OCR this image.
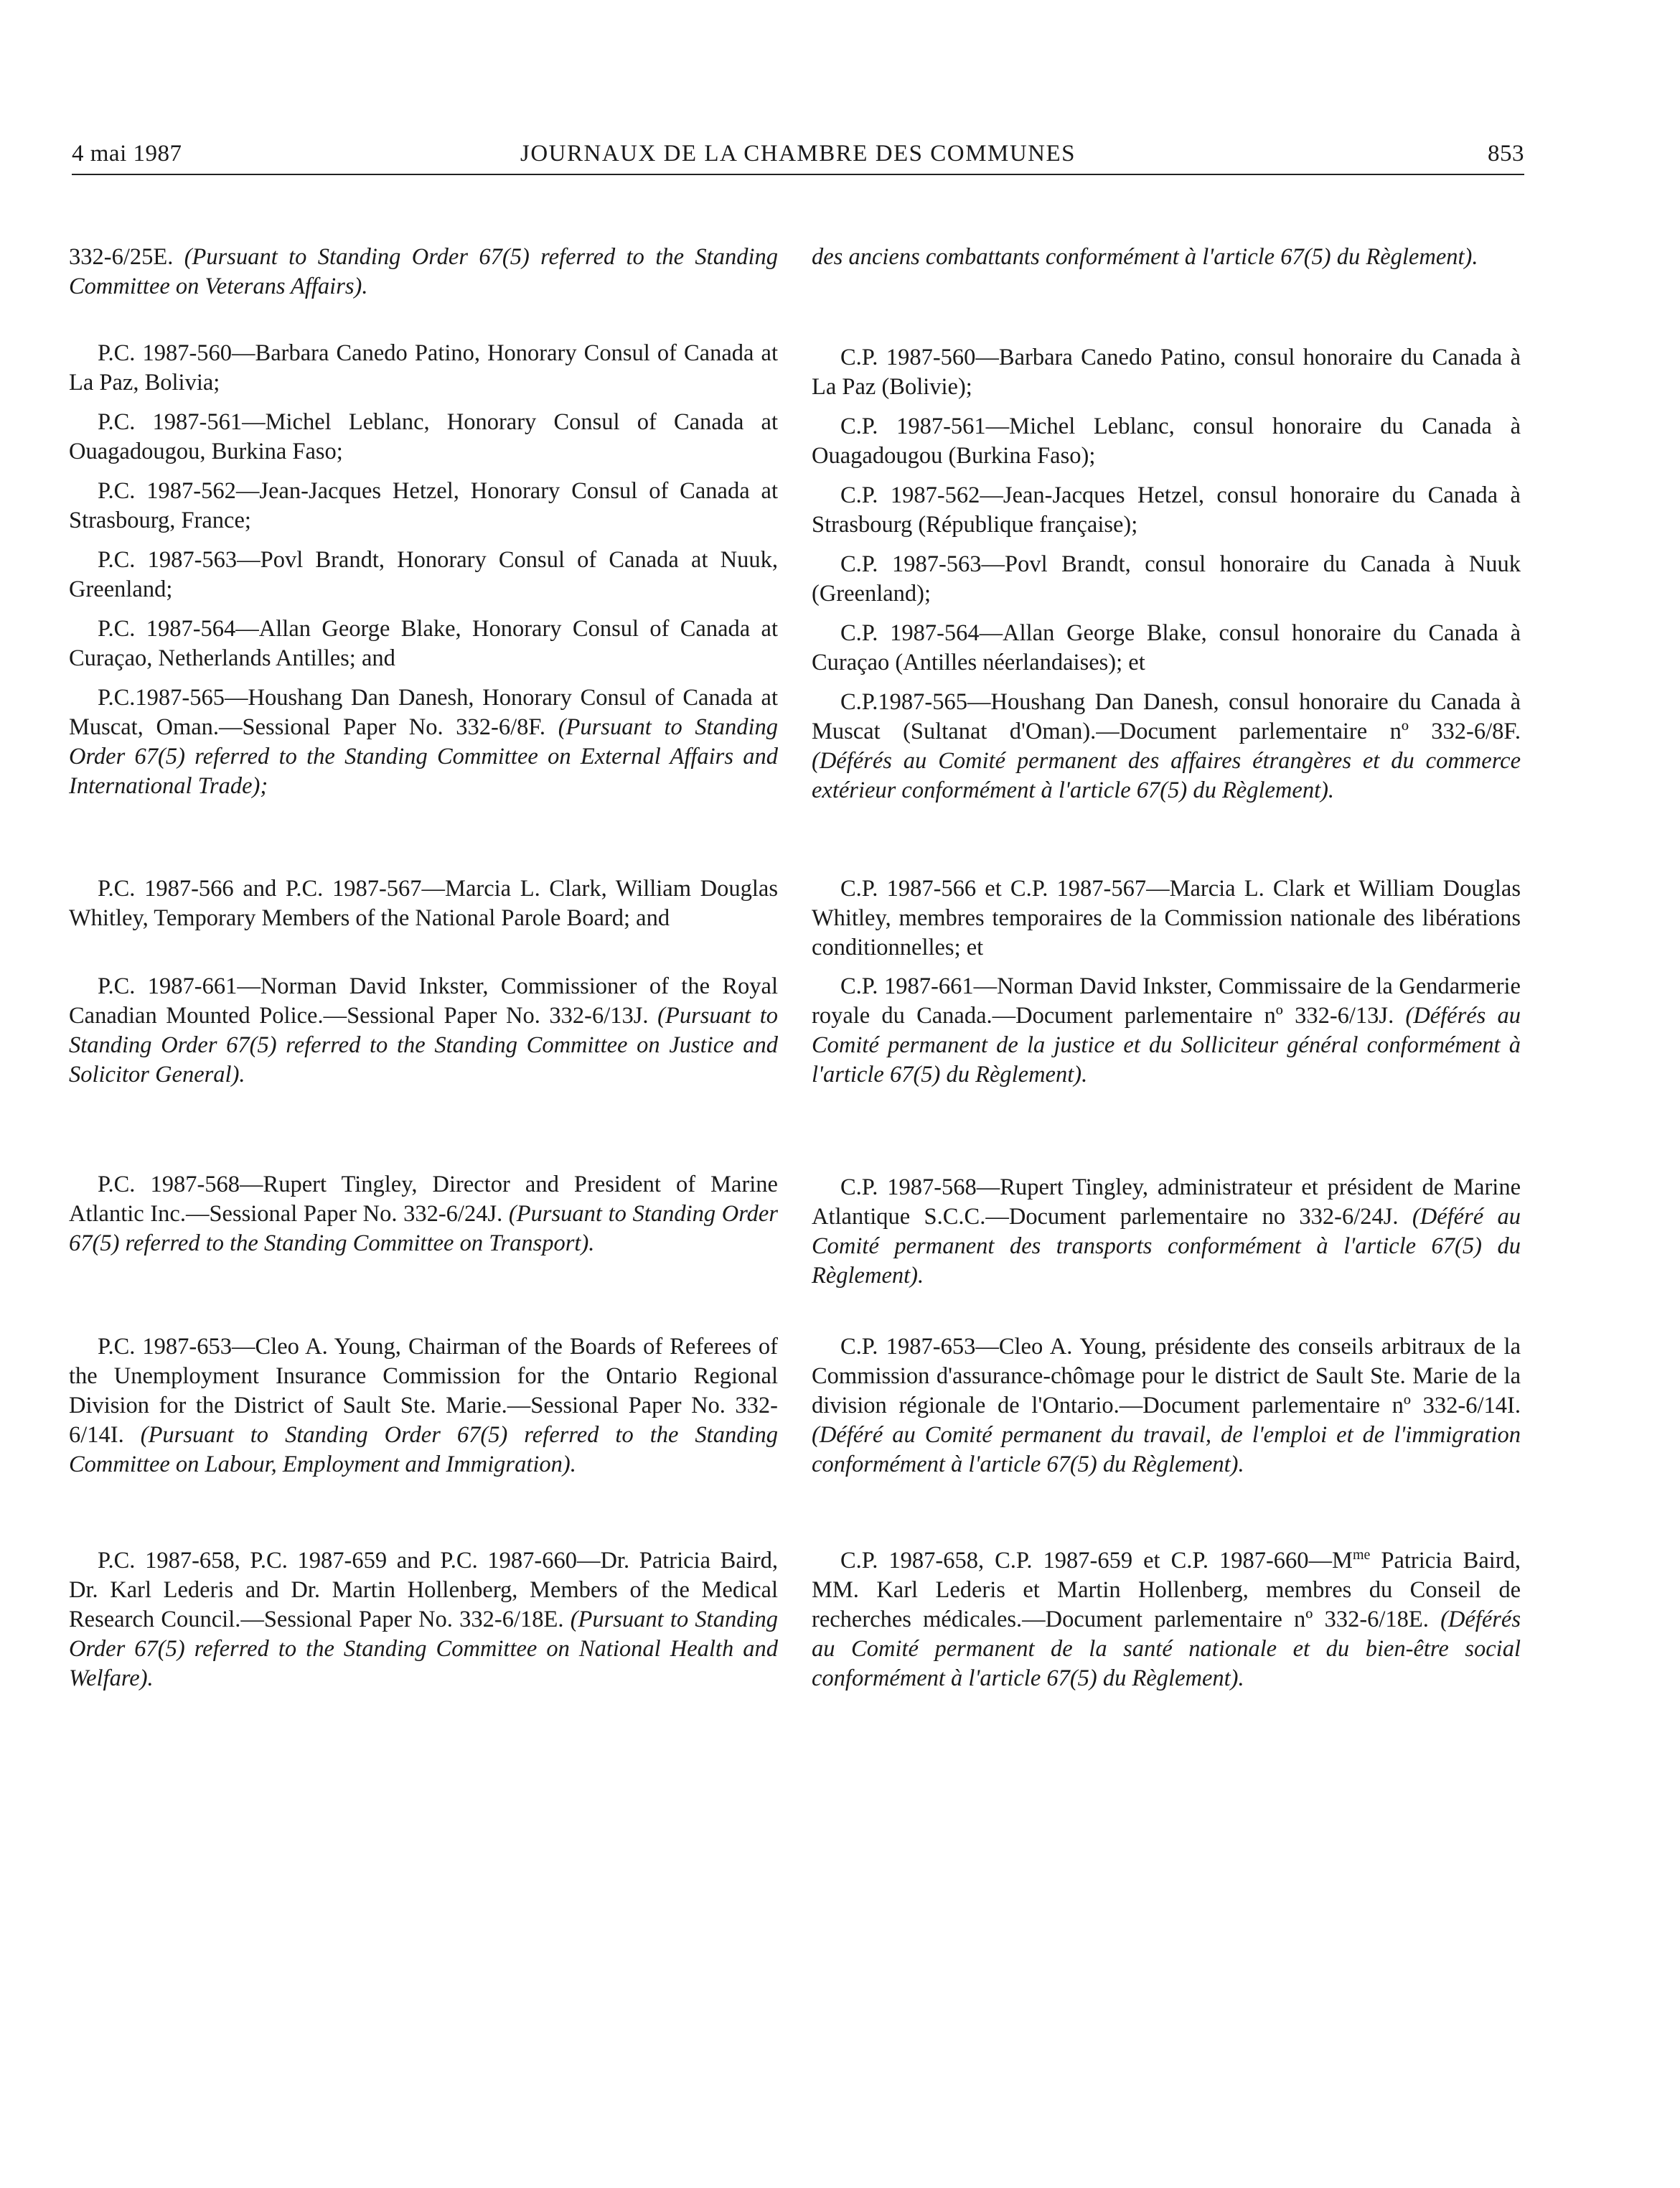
4 mai 1987	JOURNAUX DE LA CHAMBRE DES COMMUNES	853

332-6/25E. (Pursuant to Standing Order 67(5) referred to the Standing Committee on Veterans Affairs).

P.C. 1987-560—Barbara Canedo Patino, Honorary Consul of Canada at La Paz, Bolivia;

P.C. 1987-561—Michel Leblanc, Honorary Consul of Canada at Ouagadougou, Burkina Faso;

P.C. 1987-562—Jean-Jacques Hetzel, Honorary Consul of Canada at Strasbourg, France;

P.C. 1987-563—Povl Brandt, Honorary Consul of Canada at Nuuk, Greenland;

P.C. 1987-564—Allan George Blake, Honorary Consul of Canada at Curaçao, Netherlands Antilles; and

P.C.1987-565—Houshang Dan Danesh, Honorary Consul of Canada at Muscat, Oman.—Sessional Paper No. 332-6/8F. (Pursuant to Standing Order 67(5) referred to the Standing Committee on External Affairs and International Trade);

P.C. 1987-566 and P.C. 1987-567—Marcia L. Clark, William Douglas Whitley, Temporary Members of the National Parole Board; and

P.C. 1987-661—Norman David Inkster, Commissioner of the Royal Canadian Mounted Police.—Sessional Paper No. 332-6/13J. (Pursuant to Standing Order 67(5) referred to the Standing Committee on Justice and Solicitor General).

P.C. 1987-568—Rupert Tingley, Director and President of Marine Atlantic Inc.—Sessional Paper No. 332-6/24J. (Pursuant to Standing Order 67(5) referred to the Standing Committee on Transport).

P.C. 1987-653—Cleo A. Young, Chairman of the Boards of Referees of the Unemployment Insurance Commission for the Ontario Regional Division for the District of Sault Ste. Marie.—Sessional Paper No. 332-6/14I. (Pursuant to Standing Order 67(5) referred to the Standing Committee on Labour, Employment and Immigration).

P.C. 1987-658, P.C. 1987-659 and P.C. 1987-660—Dr. Patricia Baird, Dr. Karl Lederis and Dr. Martin Hollenberg, Members of the Medical Research Council.—Sessional Paper No. 332-6/18E. (Pursuant to Standing Order 67(5) referred to the Standing Committee on National Health and Welfare).

des anciens combattants conformément à l'article 67(5) du Règlement).

C.P. 1987-560—Barbara Canedo Patino, consul honoraire du Canada à La Paz (Bolivie);

C.P. 1987-561—Michel Leblanc, consul honoraire du Canada à Ouagadougou (Burkina Faso);

C.P. 1987-562—Jean-Jacques Hetzel, consul honoraire du Canada à Strasbourg (République française);

C.P. 1987-563—Povl Brandt, consul honoraire du Canada à Nuuk (Greenland);

C.P. 1987-564—Allan George Blake, consul honoraire du Canada à Curaçao (Antilles néerlandaises); et

C.P.1987-565—Houshang Dan Danesh, consul honoraire du Canada à Muscat (Sultanat d'Oman).—Document parlementaire nº 332-6/8F. (Déférés au Comité permanent des affaires étrangères et du commerce extérieur conformément à l'article 67(5) du Règlement).

C.P. 1987-566 et C.P. 1987-567—Marcia L. Clark et William Douglas Whitley, membres temporaires de la Commission nationale des libérations conditionnelles; et

C.P. 1987-661—Norman David Inkster, Commissaire de la Gendarmerie royale du Canada.—Document parlementaire nº 332-6/13J. (Déférés au Comité permanent de la justice et du Solliciteur général conformément à l'article 67(5) du Règlement).

C.P. 1987-568—Rupert Tingley, administrateur et président de Marine Atlantique S.C.C.—Document parlementaire no 332-6/24J. (Déféré au Comité permanent des transports conformément à l'article 67(5) du Règlement).

C.P. 1987-653—Cleo A. Young, présidente des conseils arbitraux de la Commission d'assurance-chômage pour le district de Sault Ste. Marie de la division régionale de l'Ontario.—Document parlementaire nº 332-6/14I. (Déféré au Comité permanent du travail, de l'emploi et de l'immigration conformément à l'article 67(5) du Règlement).

C.P. 1987-658, C.P. 1987-659 et C.P. $1987-660—M^{me}$ Patricia Baird, MM. Karl Lederis et Martin Hollenberg, membres du Conseil de recherches médicales.—Document parlementaire nº 332-6/18E. (Déférés au Comité permanent de la santé nationale et du bien-être social conformément à l'article 67(5) du Règlement).
